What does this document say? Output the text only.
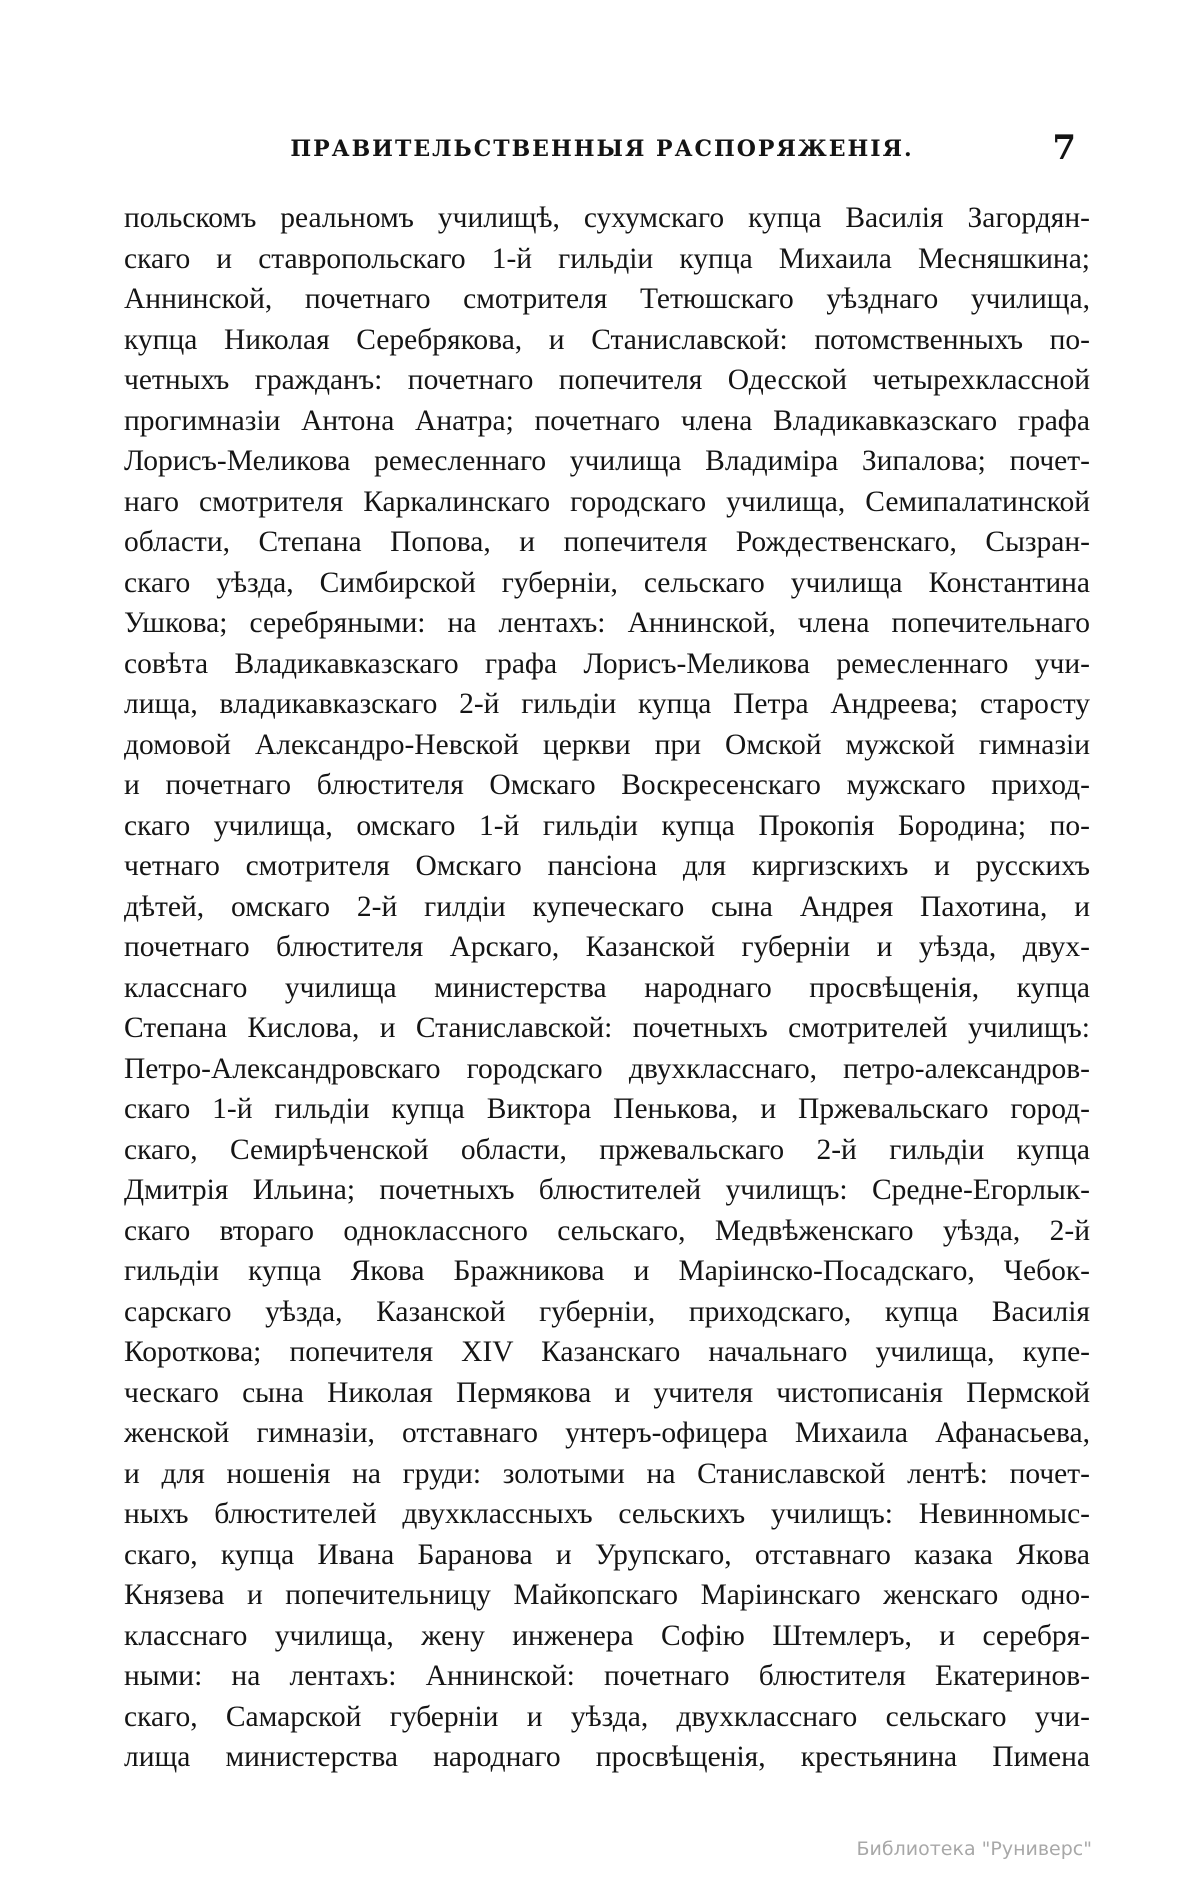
ПРАВИТЕЛЬСТВЕННЫЯ РАСПОРЯЖЕНІЯ.	7
польскомъ реальномъ училищѣ, сухумскаго купца Василія Загордян-
скаго и ставропольскаго 1-й гильдіи купца Михаила Месняшкина;
Аннинской, почетнаго смотрителя Тетюшскаго уѣзднаго училища,
купца Николая Серебрякова, и Станиславской: потомственныхъ по-
четныхъ гражданъ: почетнаго попечителя Одесской четырехклассной
прогимназіи Антона Анатра; почетнаго члена Владикавказскаго графа
Лорисъ-Меликова ремесленнаго училища Владиміра Зипалова; почет-
наго смотрителя Каркалинскаго городскаго училища, Семипалатинской
области, Степана Попова, и попечителя Рождественскаго, Сызран-
скаго уѣзда, Симбирской губерніи, сельскаго училища Константина
Ушкова; серебряными: на лентахъ: Аннинской, члена попечительнаго
совѣта Владикавказскаго графа Лорисъ-Меликова ремесленнаго учи-
лища, владикавказскаго 2-й гильдіи купца Петра Андреева; старосту
домовой Александро-Невской церкви при Омской мужской гимназіи
и почетнаго блюстителя Омскаго Воскресенскаго мужскаго приход-
скаго училища, омскаго 1-й гильдіи купца Прокопія Бородина; по-
четнаго смотрителя Омскаго пансіона для киргизскихъ и русскихъ
дѣтей, омскаго 2-й гилдіи купеческаго сына Андрея Пахотина, и
почетнаго блюстителя Арскаго, Казанской губерніи и уѣзда, двух-
класснаго училища министерства народнаго просвѣщенія, купца
Степана Кислова, и Станиславской: почетныхъ смотрителей училищъ:
Петро-Александровскаго городскаго двухкласснаго, петро-александров-
скаго 1-й гильдіи купца Виктора Пенькова, и Пржевальскаго город-
скаго, Семирѣченской области, пржевальскаго 2-й гильдіи купца
Дмитрія Ильина; почетныхъ блюстителей училищъ: Средне-Егорлык-
скаго втораго одноклассного сельскаго, Медвѣженскаго уѣзда, 2-й
гильдіи купца Якова Бражникова и Маріинско-Посадскаго, Чебок-
сарскаго уѣзда, Казанской губерніи, приходскаго, купца Василія
Короткова; попечителя XIV Казанскаго начальнаго училища, купе-
ческаго сына Николая Пермякова и учителя чистописанія Пермской
женской гимназіи, отставнаго унтеръ-офицера Михаила Афанасьева,
и для ношенія на груди: золотыми на Станиславской лентѣ: почет-
ныхъ блюстителей двухклассныхъ сельскихъ училищъ: Невинномыс-
скаго, купца Ивана Баранова и Урупскаго, отставнаго казака Якова
Князева и попечительницу Майкопскаго Маріинскаго женскаго одно-
класснаго училища, жену инженера Софію Штемлеръ, и серебря-
ными: на лентахъ: Аннинской: почетнаго блюстителя Екатеринов-
скаго, Самарской губерніи и уѣзда, двухкласснаго сельскаго учи-
лища министерства народнаго просвѣщенія, крестьянина Пимена
Библиотека "Руниверс"
